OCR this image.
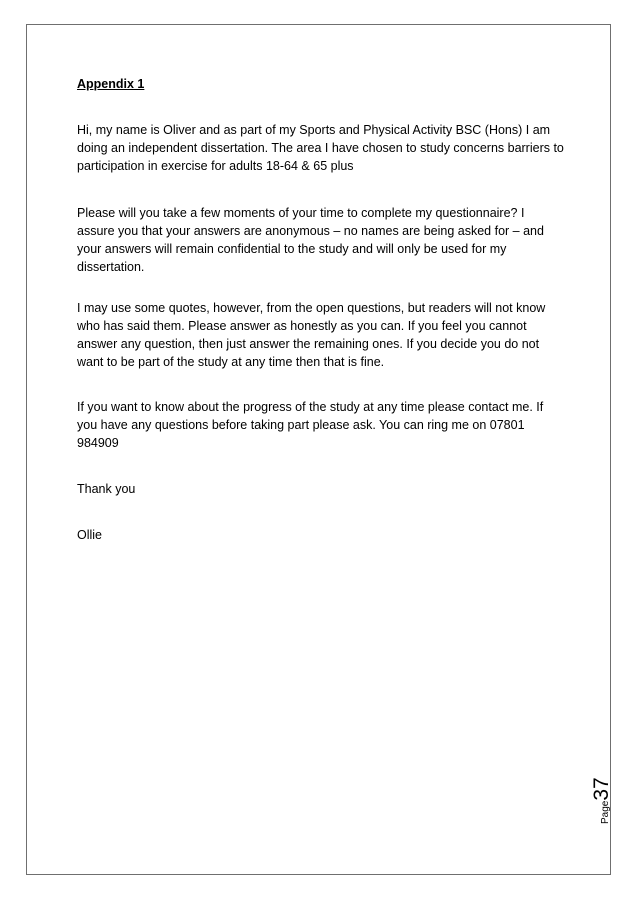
Appendix 1

Hi, my name is Oliver and as part of my Sports and Physical Activity BSC (Hons) I am doing an independent dissertation. The area I have chosen to study concerns barriers to participation in exercise for adults 18-64 & 65 plus

Please will you take a few moments of your time to complete my questionnaire? I assure you that your answers are anonymous – no names are being asked for – and your answers will remain confidential to the study and will only be used for my dissertation.

I may use some quotes, however, from the open questions, but readers will not know who has said them. Please answer as honestly as you can. If you feel you cannot answer any question, then just answer the remaining ones. If you decide you do not want to be part of the study at any time then that is fine.

If you want to know about the progress of the study at any time please contact me. If you have any questions before taking part please ask. You can ring me on 07801 984909

Thank you

Ollie

Page37
